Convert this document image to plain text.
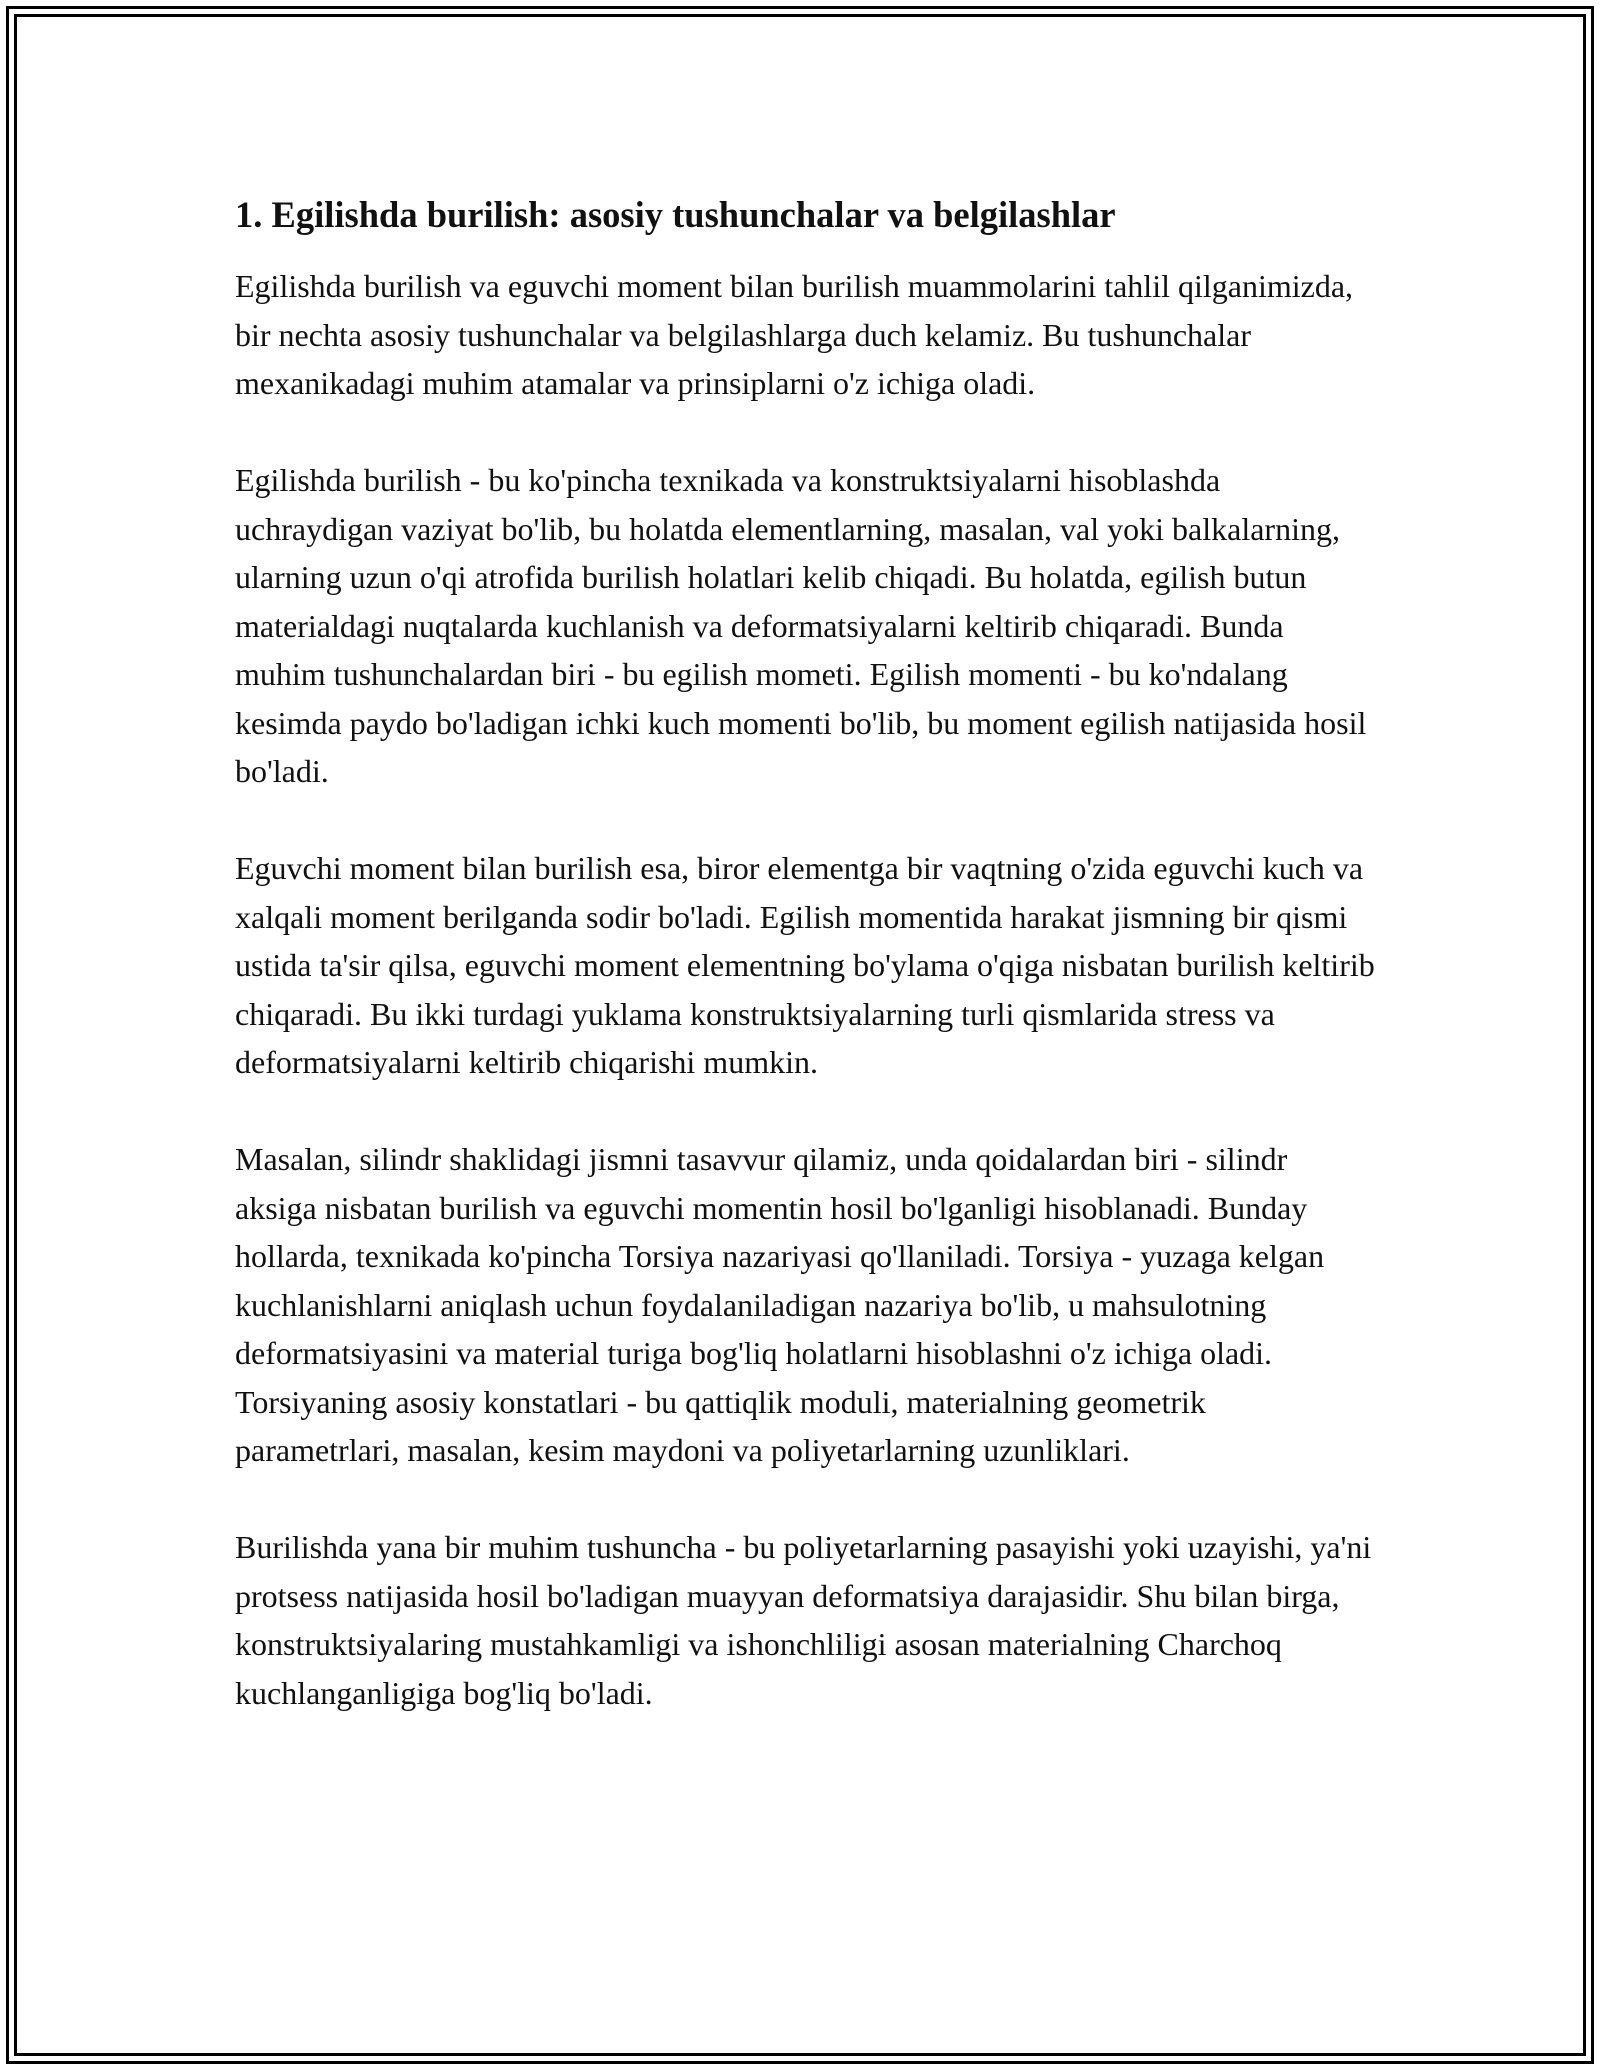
1. Egilishda burilish: asosiy tushunchalar va belgilashlar

Egilishda burilish va eguvchi moment bilan burilish muammolarini tahlil qilganimizda, bir nechta asosiy tushunchalar va belgilashlarga duch kelamiz. Bu tushunchalar mexanikadagi muhim atamalar va prinsiplarni o'z ichiga oladi.

Egilishda burilish - bu ko'pincha texnikada va konstruktsiyalarni hisoblashda uchraydigan vaziyat bo'lib, bu holatda elementlarning, masalan, val yoki balkalarning, ularning uzun o'qi atrofida burilish holatlari kelib chiqadi. Bu holatda, egilish butun materialdagi nuqtalarda kuchlanish va deformatsiyalarni keltirib chiqaradi. Bunda muhim tushunchalardan biri - bu egilish mometi. Egilish momenti - bu ko'ndalang kesimda paydo bo'ladigan ichki kuch momenti bo'lib, bu moment egilish natijasida hosil bo'ladi.

Eguvchi moment bilan burilish esa, biror elementga bir vaqtning o'zida eguvchi kuch va xalqali moment berilganda sodir bo'ladi. Egilish momentida harakat jismning bir qismi ustida ta'sir qilsa, eguvchi moment elementning bo'ylama o'qiga nisbatan burilish keltirib chiqaradi. Bu ikki turdagi yuklama konstruktsiyalarning turli qismlarida stress va deformatsiyalarni keltirib chiqarishi mumkin.

Masalan, silindr shaklidagi jismni tasavvur qilamiz, unda qoidalardan biri - silindr aksiga nisbatan burilish va eguvchi momentin hosil bo'lganligi hisoblanadi. Bunday hollarda, texnikada ko'pincha Torsiya nazariyasi qo'llaniladi. Torsiya - yuzaga kelgan kuchlanishlarni aniqlash uchun foydalaniladigan nazariya bo'lib, u mahsulotning deformatsiyasini va material turiga bog'liq holatlarni hisoblashni o'z ichiga oladi. Torsiyaning asosiy konstatlari - bu qattiqlik moduli, materialning geometrik parametrlari, masalan, kesim maydoni va poliyetarlarning uzunliklari.

Burilishda yana bir muhim tushuncha - bu poliyetarlarning pasayishi yoki uzayishi, ya'ni protsess natijasida hosil bo'ladigan muayyan deformatsiya darajasidir. Shu bilan birga, konstruktsiyalaring mustahkamligi va ishonchliligi asosan materialning Charchoq kuchlanganligiga bog'liq bo'ladi.
